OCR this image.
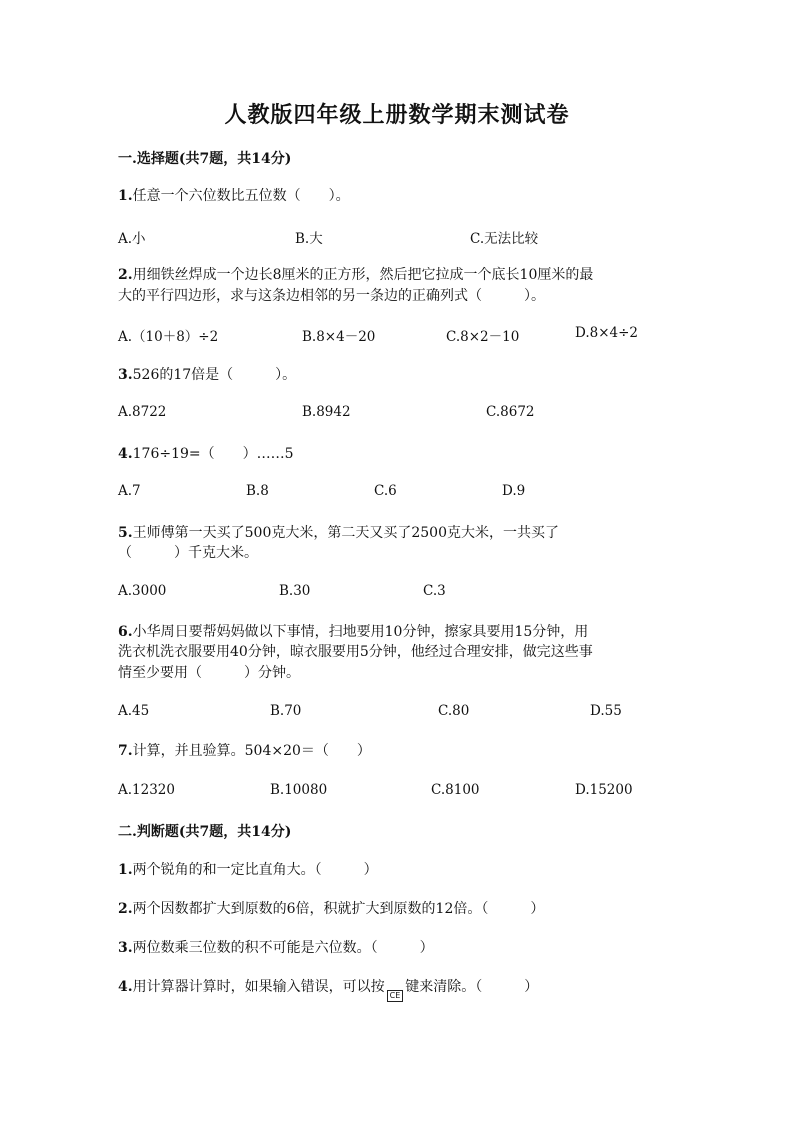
人教版四年级上册数学期末测试卷
一.选择题(共7题，共14分)
1.任意一个六位数比五位数（　　）。
A.小	B.大	C.无法比较
2.用细铁丝焊成一个边长8厘米的正方形，然后把它拉成一个底长10厘米的最
大的平行四边形，求与这条边相邻的另一条边的正确列式（　　　）。
A.（10＋8）÷2	B.8×4－20	C.8×2－10	D.8×4÷2
3.526的17倍是（　　　）。
A.8722	B.8942	C.8672
4.176÷19=（　　）……5
A.7	B.8	C.6	D.9
5.王师傅第一天买了500克大米，第二天又买了2500克大米，一共买了
（　　　）千克大米。
A.3000	B.30	C.3
6.小华周日要帮妈妈做以下事情，扫地要用10分钟，擦家具要用15分钟，用
洗衣机洗衣服要用40分钟，晾衣服要用5分钟，他经过合理安排，做完这些事
情至少要用（　　　）分钟。
A.45	B.70	C.80	D.55
7.计算，并且验算。504×20＝（　　）
A.12320	B.10080	C.8100	D.15200
二.判断题(共7题，共14分)
1.两个锐角的和一定比直角大。（　　　）
2.两个因数都扩大到原数的6倍，积就扩大到原数的12倍。（　　　）
3.两位数乘三位数的积不可能是六位数。（　　　）
4.用计算器计算时，如果输入错误，可以按CE键来清除。（　　　）
